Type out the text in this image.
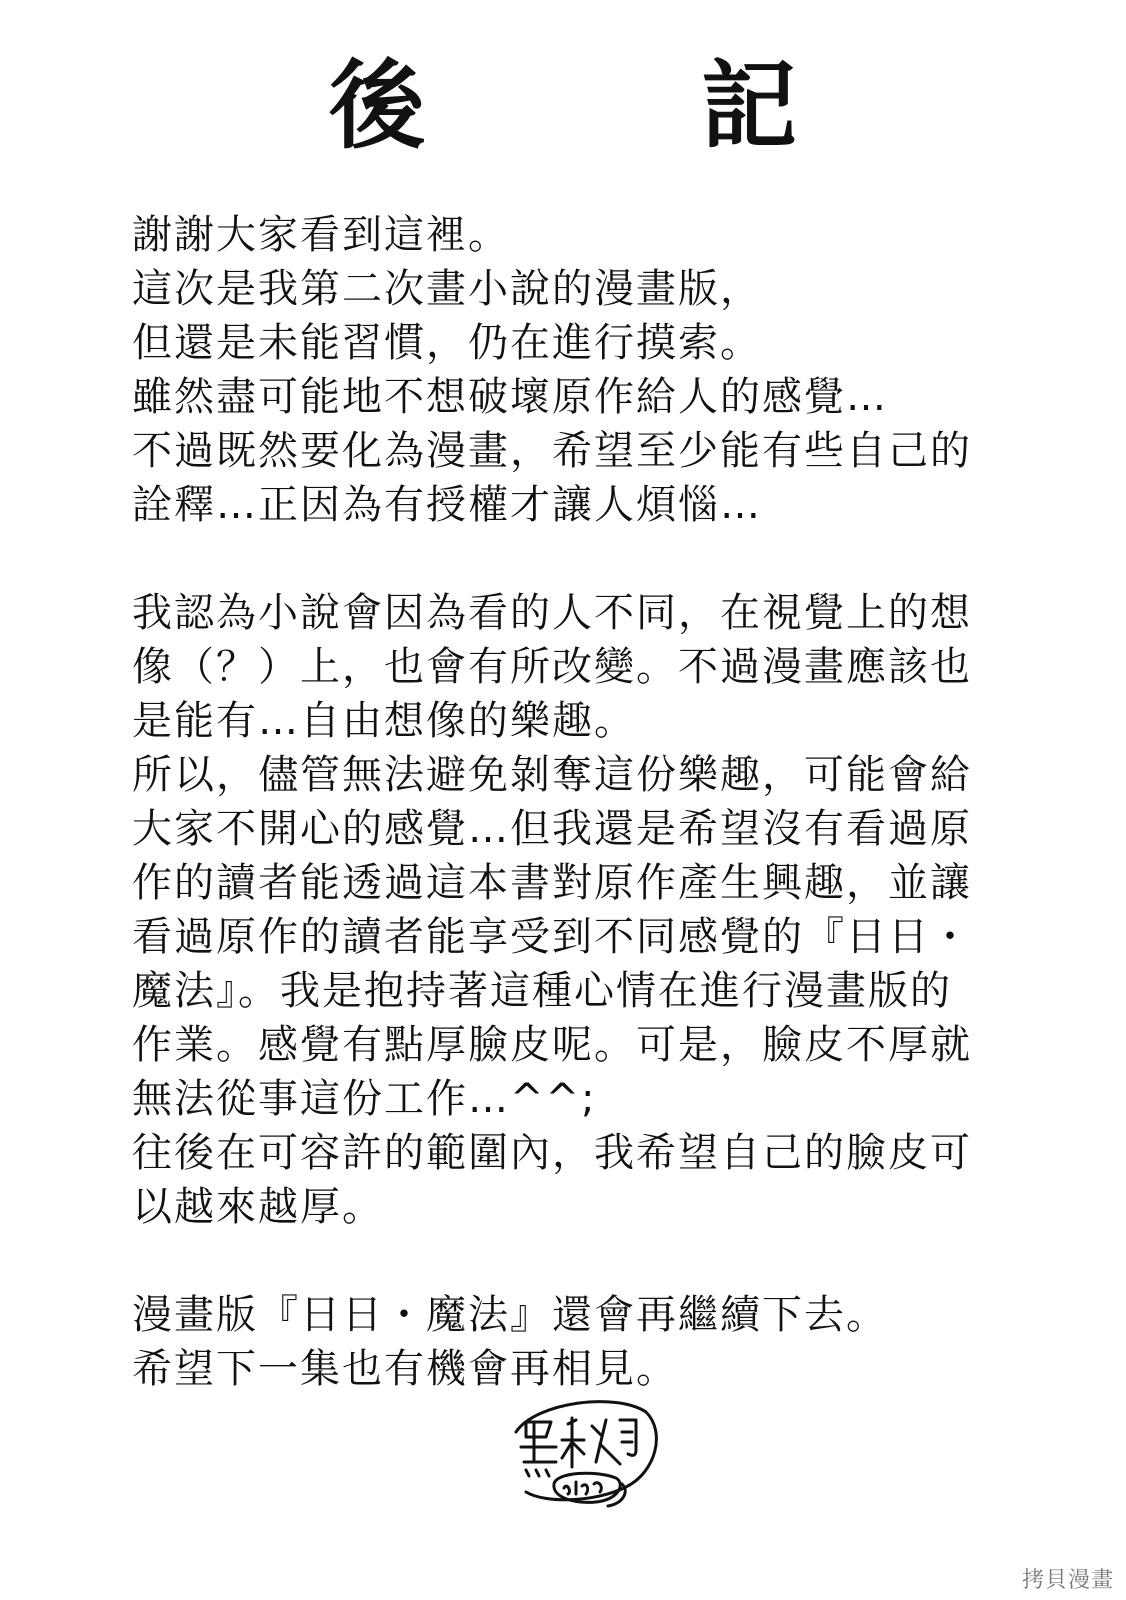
後　記
謝謝大家看到這裡。
這次是我第二次畫小說的漫畫版，
但還是未能習慣，仍在進行摸索。
雖然盡可能地不想破壞原作給人的感覺…
不過既然要化為漫畫，希望至少能有些自己的
詮釋…正因為有授權才讓人煩惱…
我認為小說會因為看的人不同，在視覺上的想
像（？）上，也會有所改變。不過漫畫應該也
是能有…自由想像的樂趣。
所以，儘管無法避免剝奪這份樂趣，可能會給
大家不開心的感覺…但我還是希望沒有看過原
作的讀者能透過這本書對原作產生興趣，並讓
看過原作的讀者能享受到不同感覺的『日日・
魔法』。我是抱持著這種心情在進行漫畫版的
作業。感覺有點厚臉皮呢。可是，臉皮不厚就
無法從事這份工作…^^;
往後在可容許的範圍內，我希望自己的臉皮可
以越來越厚。
漫畫版『日日・魔法』還會再繼續下去。
希望下一集也有機會再相見。
拷貝漫畫
